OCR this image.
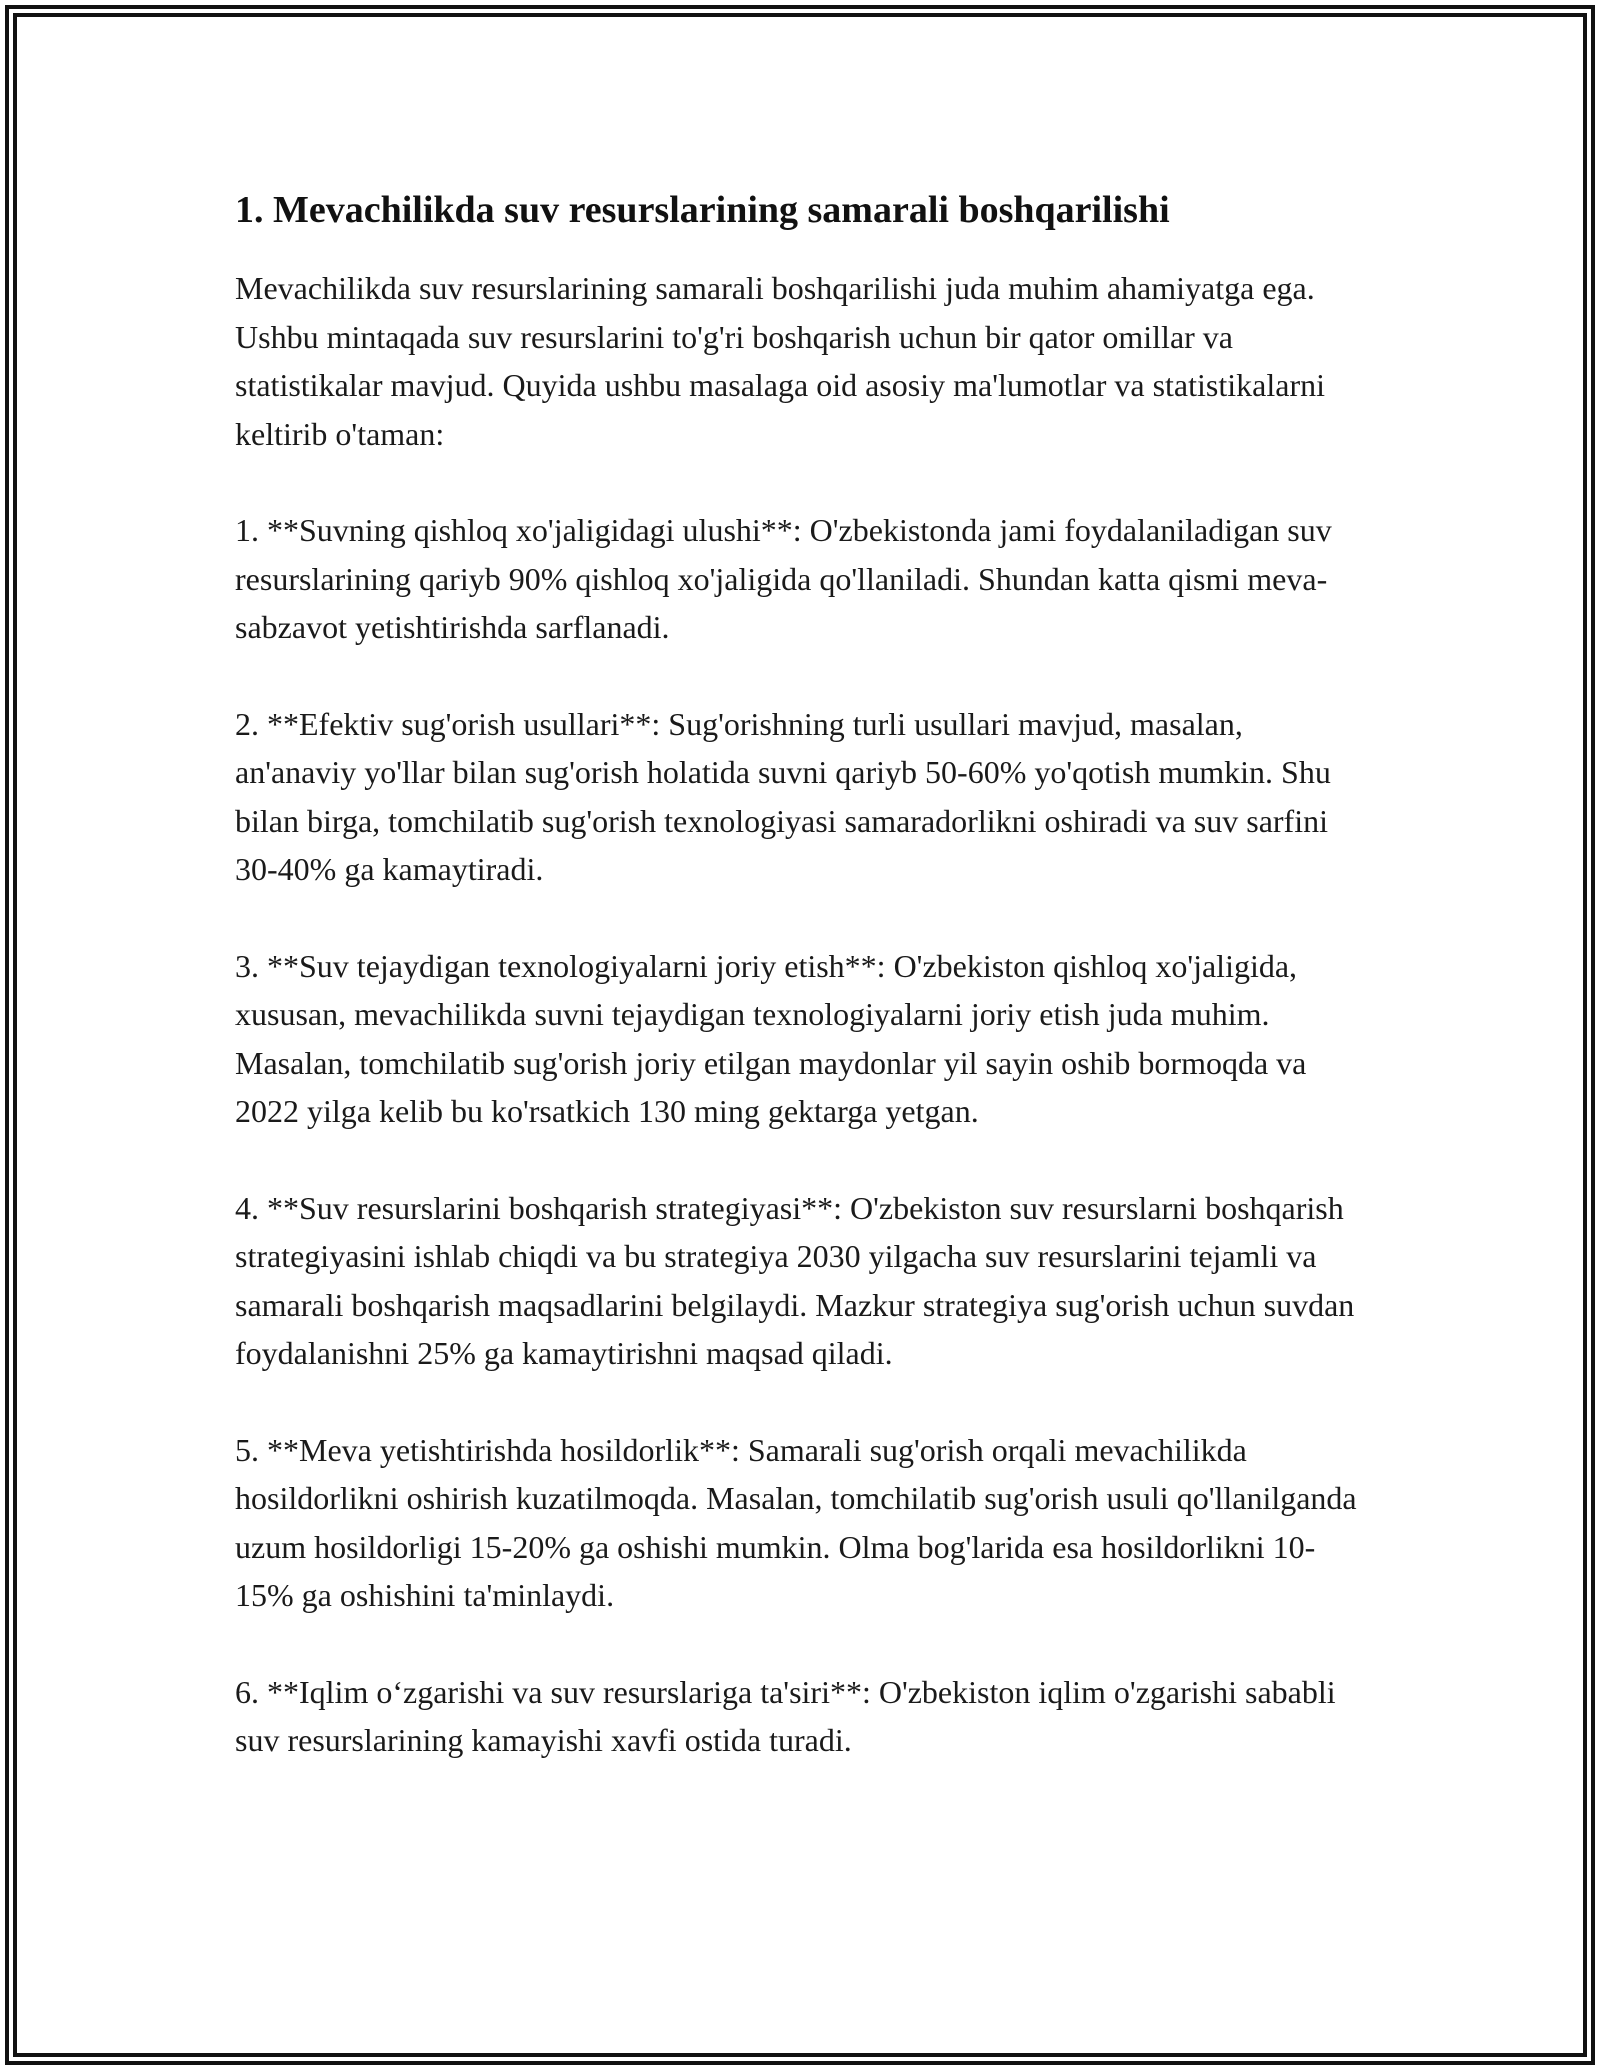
1. Mevachilikda suv resurslarining samarali boshqarilishi

Mevachilikda suv resurslarining samarali boshqarilishi juda muhim ahamiyatga ega. Ushbu mintaqada suv resurslarini to'g'ri boshqarish uchun bir qator omillar va statistikalar mavjud. Quyida ushbu masalaga oid asosiy ma'lumotlar va statistikalarni keltirib o'taman:

1. **Suvning qishloq xo'jaligidagi ulushi**: O'zbekistonda jami foydalaniladigan suv resurslarining qariyb 90% qishloq xo'jaligida qo'llaniladi. Shundan katta qismi meva-sabzavot yetishtirishda sarflanadi.

2. **Efektiv sug'orish usullari**: Sug'orishning turli usullari mavjud, masalan, an'anaviy yo'llar bilan sug'orish holatida suvni qariyb 50-60% yo'qotish mumkin. Shu bilan birga, tomchilatib sug'orish texnologiyasi samaradorlikni oshiradi va suv sarfini 30-40% ga kamaytiradi.

3. **Suv tejaydigan texnologiyalarni joriy etish**: O'zbekiston qishloq xo'jaligida, xususan, mevachilikda suvni tejaydigan texnologiyalarni joriy etish juda muhim. Masalan, tomchilatib sug'orish joriy etilgan maydonlar yil sayin oshib bormoqda va 2022 yilga kelib bu ko'rsatkich 130 ming gektarga yetgan.

4. **Suv resurslarini boshqarish strategiyasi**: O'zbekiston suv resurslarni boshqarish strategiyasini ishlab chiqdi va bu strategiya 2030 yilgacha suv resurslarini tejamli va samarali boshqarish maqsadlarini belgilaydi. Mazkur strategiya sug'orish uchun suvdan foydalanishni 25% ga kamaytirishni maqsad qiladi.

5. **Meva yetishtirishda hosildorlik**: Samarali sug'orish orqali mevachilikda hosildorlikni oshirish kuzatilmoqda. Masalan, tomchilatib sug'orish usuli qo'llanilganda uzum hosildorligi 15-20% ga oshishi mumkin. Olma bog'larida esa hosildorlikni 10-15% ga oshishini ta'minlaydi.

6. **Iqlim o‘zgarishi va suv resurslariga ta'siri**: O'zbekiston iqlim o'zgarishi sababli suv resurslarining kamayishi xavfi ostida turadi.
